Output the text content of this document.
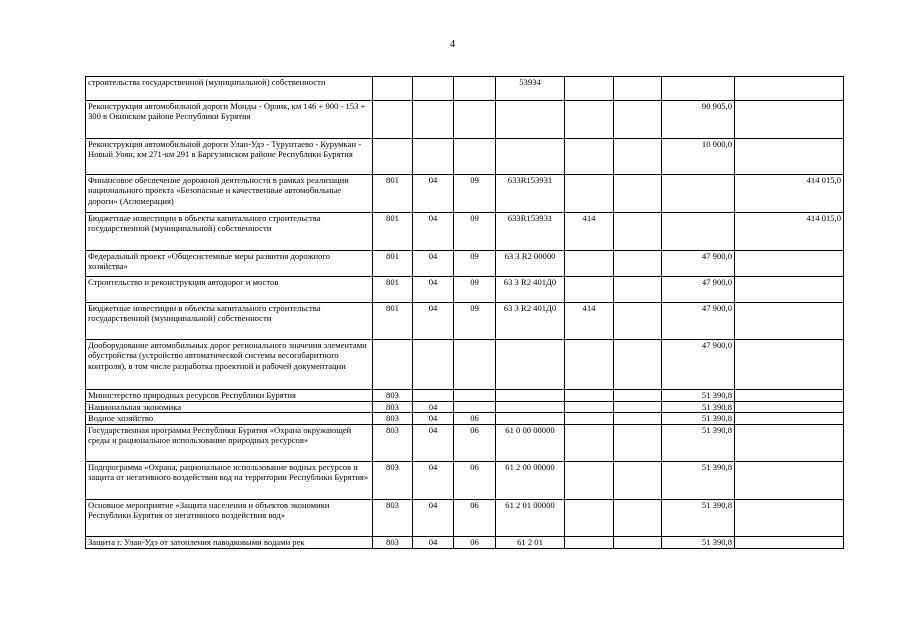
4
строительства государственной (муниципальной) собственности				53934				
Реконструкция автомобильной дороги Монды - Орлик, км 146 + 900 - 153 + 300 в Окинском районе Республики Бурятия							90 905,0	
Реконструкция автомобильной дороги Улан-Удэ - Турунтаево - Курумкан - Новый Уоян, км 271-км 291 в Баргузинском районе Республики Бурятия							10 000,0	
Финансовое обеспечение дорожной деятельности в рамках реализации национального проекта «Безопасные и качественные автомобильные дороги» (Агломерация)	801	04	09	633R153931				414 015,0
Бюджетные инвестиции в объекты капитального строительства государственной (муниципальной) собственности	801	04	09	633R153931	414			414 015,0
Федеральный проект «Общесистемные меры развития дорожного хозяйства»	801	04	09	63 3 R2 00000			47 900,0	
Строительство и реконструкция автодорог и мостов	801	04	09	63 3 R2 401Д0			47 900,0	
Бюджетные инвестиции в объекты капитального строительства государственной (муниципальной) собственности	801	04	09	63 3 R2 401Д0	414		47 900,0	
Дооборудование автомобильных дорог регионального значения элементами обустройства (устройство автоматической системы весогабаритного контроля), в том числе разработка проектной и рабочей документации							47 900,0	
Министерство природных ресурсов Республики Бурятия	803						51 390,8	
Национальная экономика	803	04					51 390,8	
Водное хозяйство	803	04	06				51 390,8	
Государственная программа Республики Бурятия «Охрана окружающей среды и рациональное использование природных ресурсов»	803	04	06	61 0 00 00000			51 390,8	
Подпрограмма «Охрана, рациональное использование водных ресурсов и защита от негативного воздействия вод на территории Республики Бурятия»	803	04	06	61 2 00 00000			51 390,8	
Основное мероприятие «Защита населения и объектов экономики Республики Бурятия от негативного воздействия вод»	803	04	06	61 2 01 00000			51 390,8	
Защита г. Улан-Удэ от затопления паводковыми водами рек	803	04	06	61 2 01			51 390,8	
